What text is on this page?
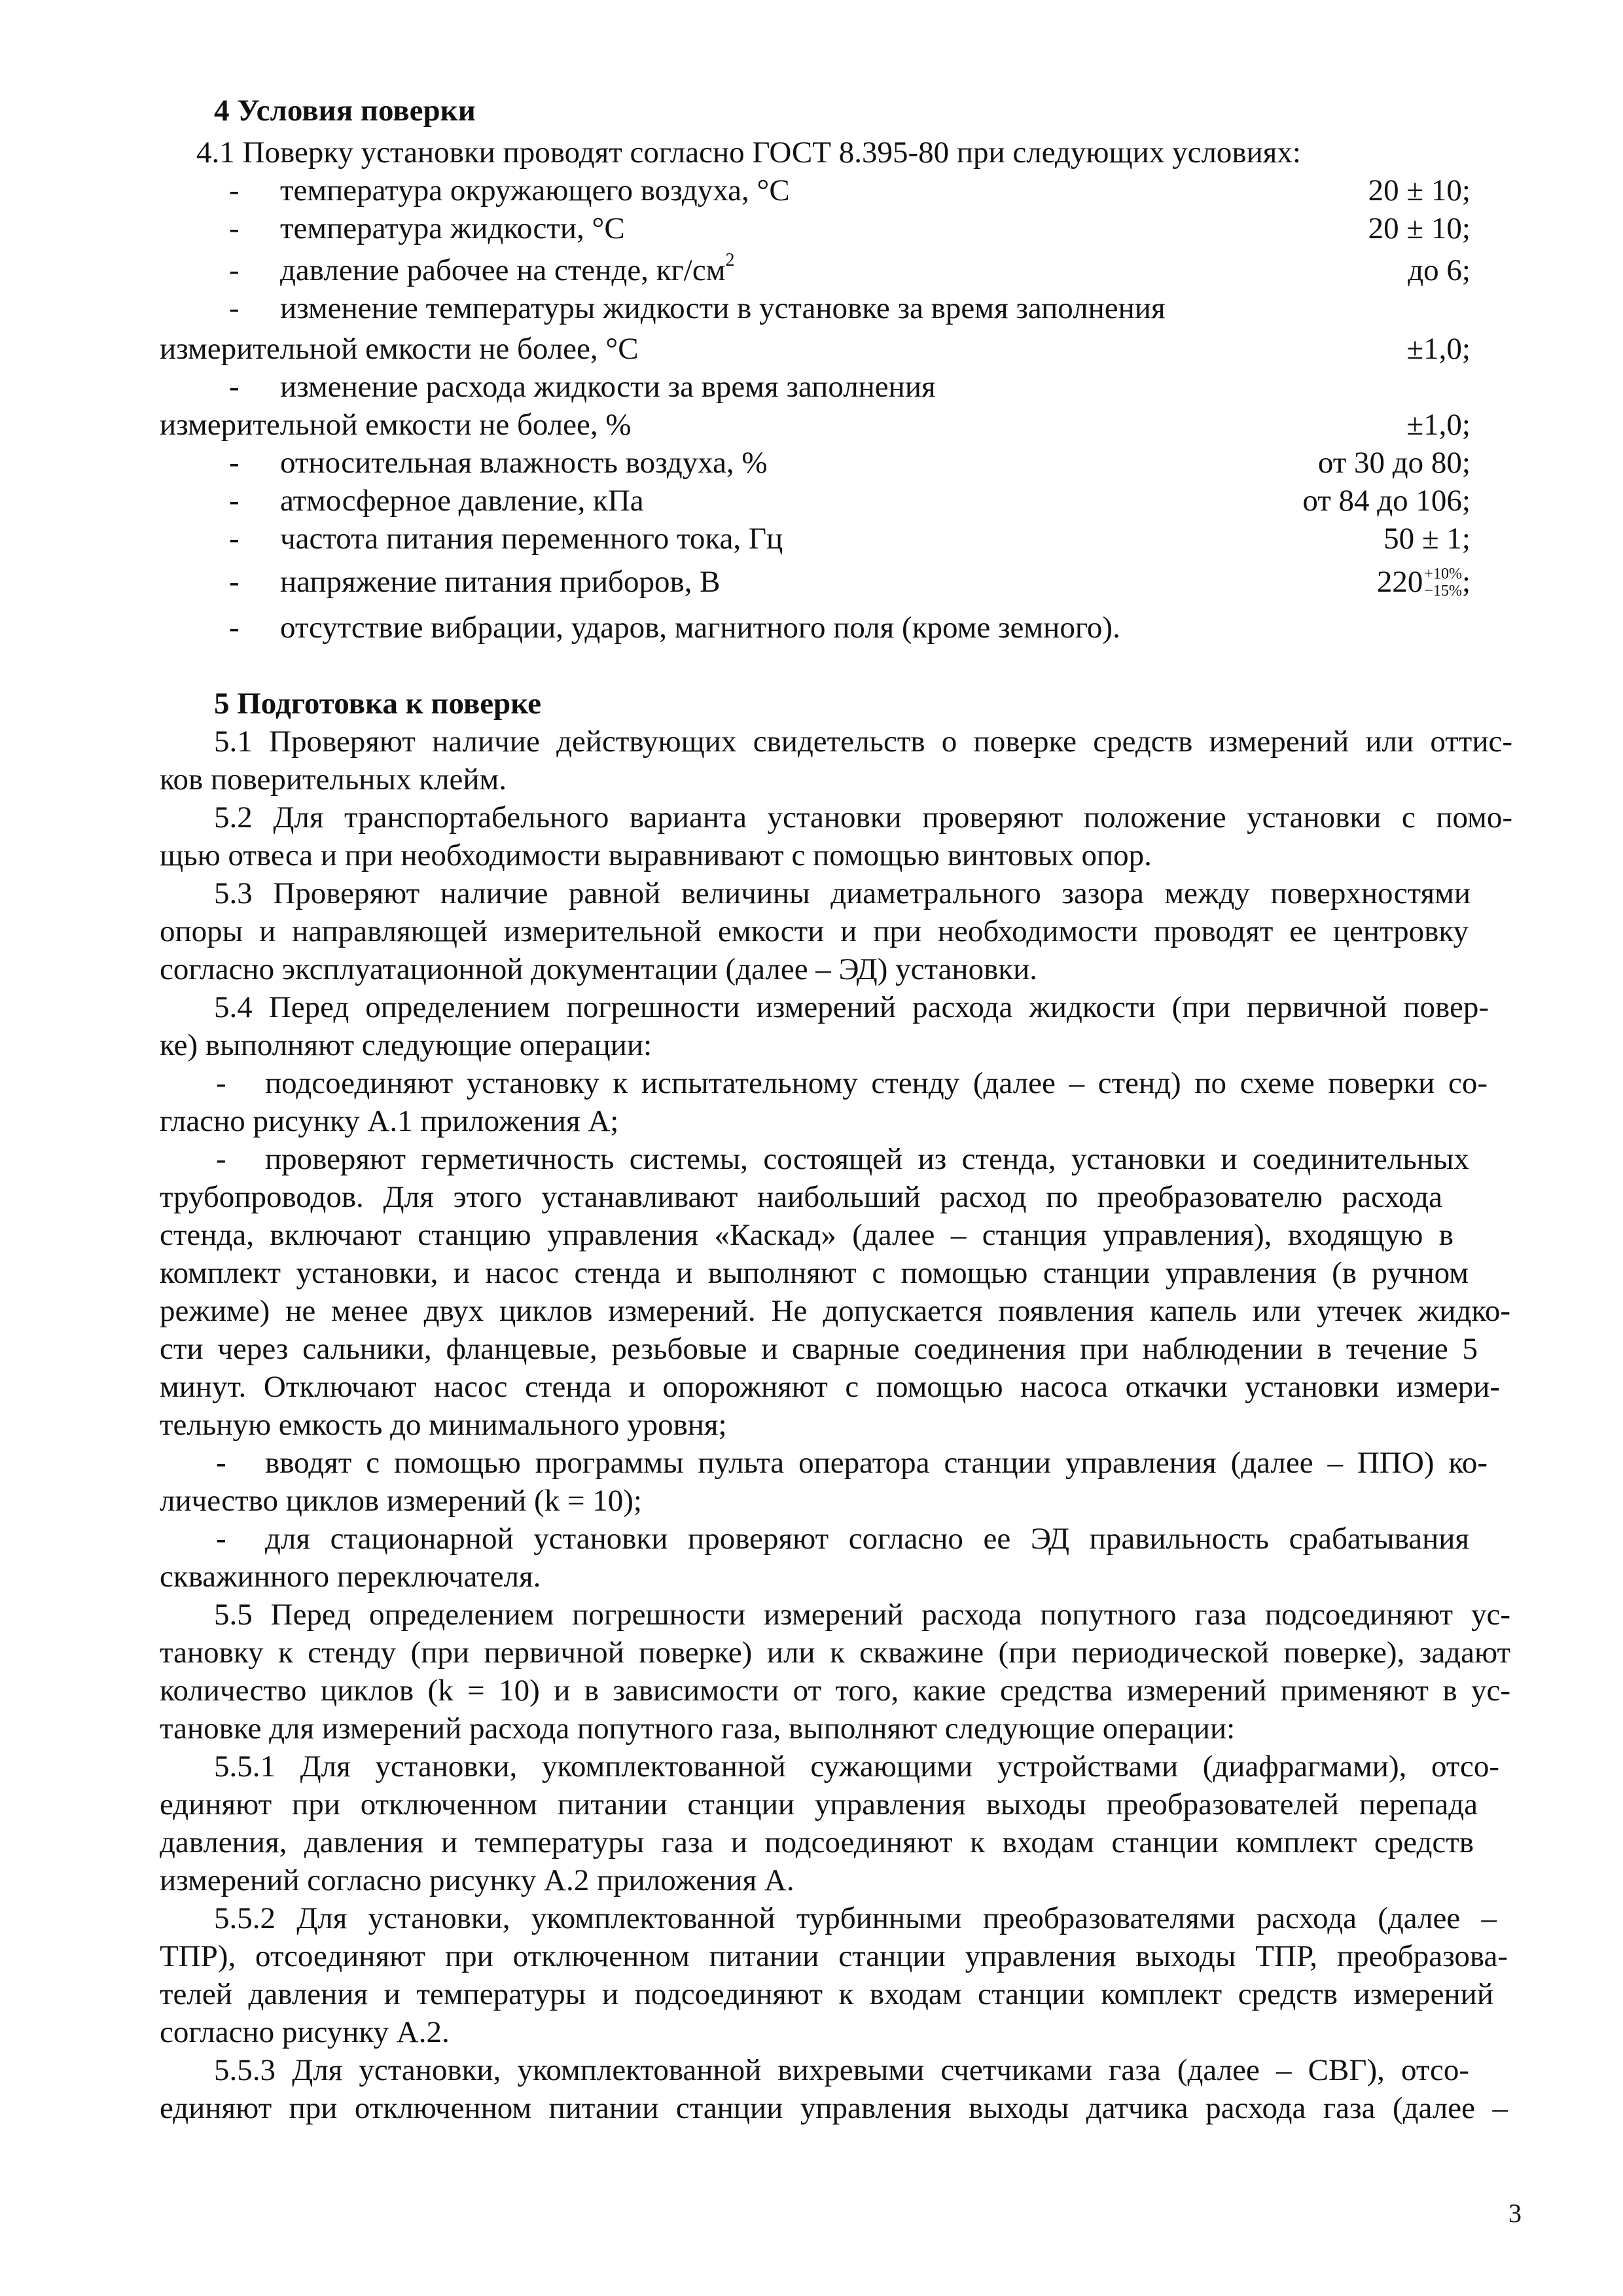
4 Условия поверки
4.1 Поверку установки проводят согласно ГОСТ 8.395-80 при следующих условиях:
- температура окружающего воздуха, °С	20 ± 10;
- температура жидкости, °С	20 ± 10;
- давление рабочее на стенде, $кг/см^2$	до 6;
- изменение температуры жидкости в установке за время заполнения
измерительной емкости не более, °С	±1,0;
- изменение расхода жидкости за время заполнения
измерительной емкости не более, %	±1,0;
- относительная влажность воздуха, %	от 30 до 80;
- атмосферное давление, кПа	от 84 до 106;
- частота питания переменного тока, Гц	50 ± 1;
- напряжение питания приборов, В	220+10%
−15%;
- отсутствие вибрации, ударов, магнитного поля (кроме земного).
5 Подготовка к поверке
5.1 Проверяют наличие действующих свидетельств о поверке средств измерений или оттис-
ков поверительных клейм.
5.2 Для транспортабельного варианта установки проверяют положение установки с помо-
щью отвеса и при необходимости выравнивают с помощью винтовых опор.
5.3 Проверяют наличие равной величины диаметрального зазора между поверхностями
опоры и направляющей измерительной емкости и при необходимости проводят ее центровку
согласно эксплуатационной документации (далее – ЭД) установки.
5.4 Перед определением погрешности измерений расхода жидкости (при первичной повер-
ке) выполняют следующие операции:
- подсоединяют установку к испытательному стенду (далее – стенд) по схеме поверки со-
гласно рисунку А.1 приложения А;
- проверяют герметичность системы, состоящей из стенда, установки и соединительных
трубопроводов. Для этого устанавливают наибольший расход по преобразователю расхода
стенда, включают станцию управления «Каскад» (далее – станция управления), входящую в
комплект установки, и насос стенда и выполняют с помощью станции управления (в ручном
режиме) не менее двух циклов измерений. Не допускается появления капель или утечек жидко-
сти через сальники, фланцевые, резьбовые и сварные соединения при наблюдении в течение 5
минут. Отключают насос стенда и опорожняют с помощью насоса откачки установки измери-
тельную емкость до минимального уровня;
- вводят с помощью программы пульта оператора станции управления (далее – ППО) ко-
личество циклов измерений (k = 10);
- для стационарной установки проверяют согласно ее ЭД правильность срабатывания
скважинного переключателя.
5.5 Перед определением погрешности измерений расхода попутного газа подсоединяют ус-
тановку к стенду (при первичной поверке) или к скважине (при периодической поверке), задают
количество циклов (k = 10) и в зависимости от того, какие средства измерений применяют в ус-
тановке для измерений расхода попутного газа, выполняют следующие операции:
5.5.1 Для установки, укомплектованной сужающими устройствами (диафрагмами), отсо-
единяют при отключенном питании станции управления выходы преобразователей перепада
давления, давления и температуры газа и подсоединяют к входам станции комплект средств
измерений согласно рисунку А.2 приложения А.
5.5.2 Для установки, укомплектованной турбинными преобразователями расхода (далее –
ТПР), отсоединяют при отключенном питании станции управления выходы ТПР, преобразова-
телей давления и температуры и подсоединяют к входам станции комплект средств измерений
согласно рисунку А.2.
5.5.3 Для установки, укомплектованной вихревыми счетчиками газа (далее – СВГ), отсо-
единяют при отключенном питании станции управления выходы датчика расхода газа (далее –
3
